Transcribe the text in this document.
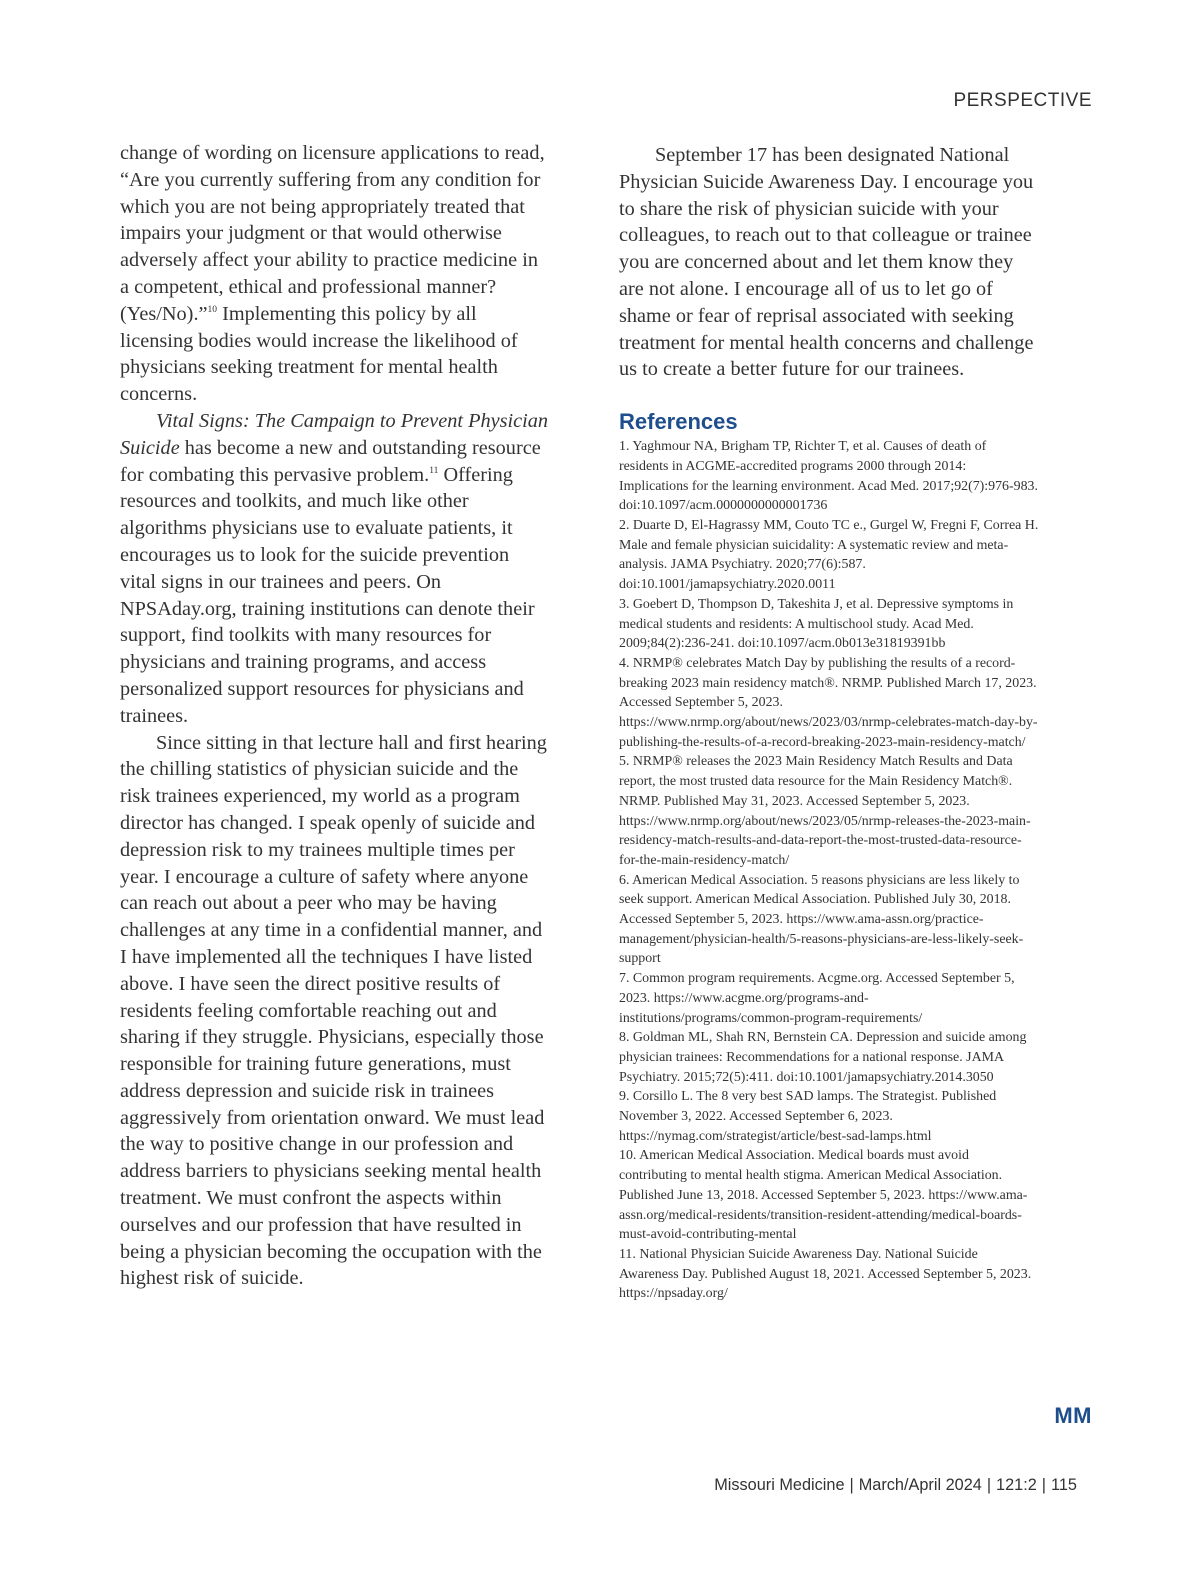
PERSPECTIVE

change of wording on licensure applications to read, “Are you currently suffering from any condition for which you are not being appropriately treated that impairs your judgment or that would otherwise adversely affect your ability to practice medicine in a competent, ethical and professional manner? (Yes/No).”$^{10}$ Implementing this policy by all licensing bodies would increase the likelihood of physicians seeking treatment for mental health concerns.

Vital Signs: The Campaign to Prevent Physician Suicide has become a new and outstanding resource for combating this pervasive problem.$^{11}$ Offering resources and toolkits, and much like other algorithms physicians use to evaluate patients, it encourages us to look for the suicide prevention vital signs in our trainees and peers. On NPSAday.org, training institutions can denote their support, find toolkits with many resources for physicians and training programs, and access personalized support resources for physicians and trainees.

Since sitting in that lecture hall and first hearing the chilling statistics of physician suicide and the risk trainees experienced, my world as a program director has changed. I speak openly of suicide and depression risk to my trainees multiple times per year. I encourage a culture of safety where anyone can reach out about a peer who may be having challenges at any time in a confidential manner, and I have implemented all the techniques I have listed above. I have seen the direct positive results of residents feeling comfortable reaching out and sharing if they struggle. Physicians, especially those responsible for training future generations, must address depression and suicide risk in trainees aggressively from orientation onward. We must lead the way to positive change in our profession and address barriers to physicians seeking mental health treatment. We must confront the aspects within ourselves and our profession that have resulted in being a physician becoming the occupation with the highest risk of suicide.

September 17 has been designated National Physician Suicide Awareness Day. I encourage you to share the risk of physician suicide with your colleagues, to reach out to that colleague or trainee you are concerned about and let them know they are not alone. I encourage all of us to let go of shame or fear of reprisal associated with seeking treatment for mental health concerns and challenge us to create a better future for our trainees.

References
1. Yaghmour NA, Brigham TP, Richter T, et al. Causes of death of residents in ACGME-accredited programs 2000 through 2014: Implications for the learning environment. Acad Med. 2017;92(7):976-983. doi:10.1097/acm.0000000000001736
2. Duarte D, El-Hagrassy MM, Couto TC e., Gurgel W, Fregni F, Correa H. Male and female physician suicidality: A systematic review and meta-analysis. JAMA Psychiatry. 2020;77(6):587. doi:10.1001/jamapsychiatry.2020.0011
3. Goebert D, Thompson D, Takeshita J, et al. Depressive symptoms in medical students and residents: A multischool study. Acad Med. 2009;84(2):236-241. doi:10.1097/acm.0b013e31819391bb
4. NRMP® celebrates Match Day by publishing the results of a record-breaking 2023 main residency match®. NRMP. Published March 17, 2023. Accessed September 5, 2023. https://www.nrmp.org/about/news/2023/03/nrmp-celebrates-match-day-by-publishing-the-results-of-a-record-breaking-2023-main-residency-match/
5. NRMP® releases the 2023 Main Residency Match Results and Data report, the most trusted data resource for the Main Residency Match®. NRMP. Published May 31, 2023. Accessed September 5, 2023. https://www.nrmp.org/about/news/2023/05/nrmp-releases-the-2023-main-residency-match-results-and-data-report-the-most-trusted-data-resource-for-the-main-residency-match/
6. American Medical Association. 5 reasons physicians are less likely to seek support. American Medical Association. Published July 30, 2018. Accessed September 5, 2023. https://www.ama-assn.org/practice-management/physician-health/5-reasons-physicians-are-less-likely-seek-support
7. Common program requirements. Acgme.org. Accessed September 5, 2023. https://www.acgme.org/programs-and-institutions/programs/common-program-requirements/
8. Goldman ML, Shah RN, Bernstein CA. Depression and suicide among physician trainees: Recommendations for a national response. JAMA Psychiatry. 2015;72(5):411. doi:10.1001/jamapsychiatry.2014.3050
9. Corsillo L. The 8 very best SAD lamps. The Strategist. Published November 3, 2022. Accessed September 6, 2023. https://nymag.com/strategist/article/best-sad-lamps.html
10. American Medical Association. Medical boards must avoid contributing to mental health stigma. American Medical Association. Published June 13, 2018. Accessed September 5, 2023. https://www.ama-assn.org/medical-residents/transition-resident-attending/medical-boards-must-avoid-contributing-mental
11. National Physician Suicide Awareness Day. National Suicide Awareness Day. Published August 18, 2021. Accessed September 5, 2023. https://npsaday.org/
MM
Missouri Medicine | March/April 2024 | 121:2 | 115
